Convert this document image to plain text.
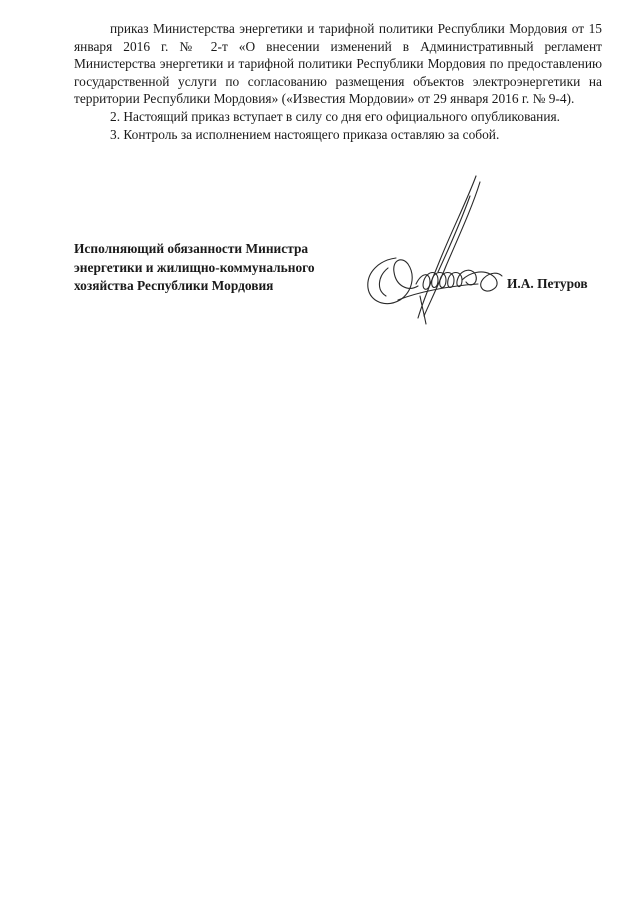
приказ Министерства энергетики и тарифной политики Республики Мордовия от 15 января 2016 г. № 2-т «О внесении изменений в Административный регламент Министерства энергетики и тарифной политики Республики Мордовия по предоставлению государственной услуги по согласованию размещения объектов электроэнергетики на территории Республики Мордовия» («Известия Мордовии» от 29 января 2016 г. № 9-4).

2. Настоящий приказ вступает в силу со дня его официального опубликования.

3. Контроль за исполнением настоящего приказа оставляю за собой.

Исполняющий обязанности Министра
энергетики и жилищно-коммунального
хозяйства Республики Мордовия	И.А. Петуров
